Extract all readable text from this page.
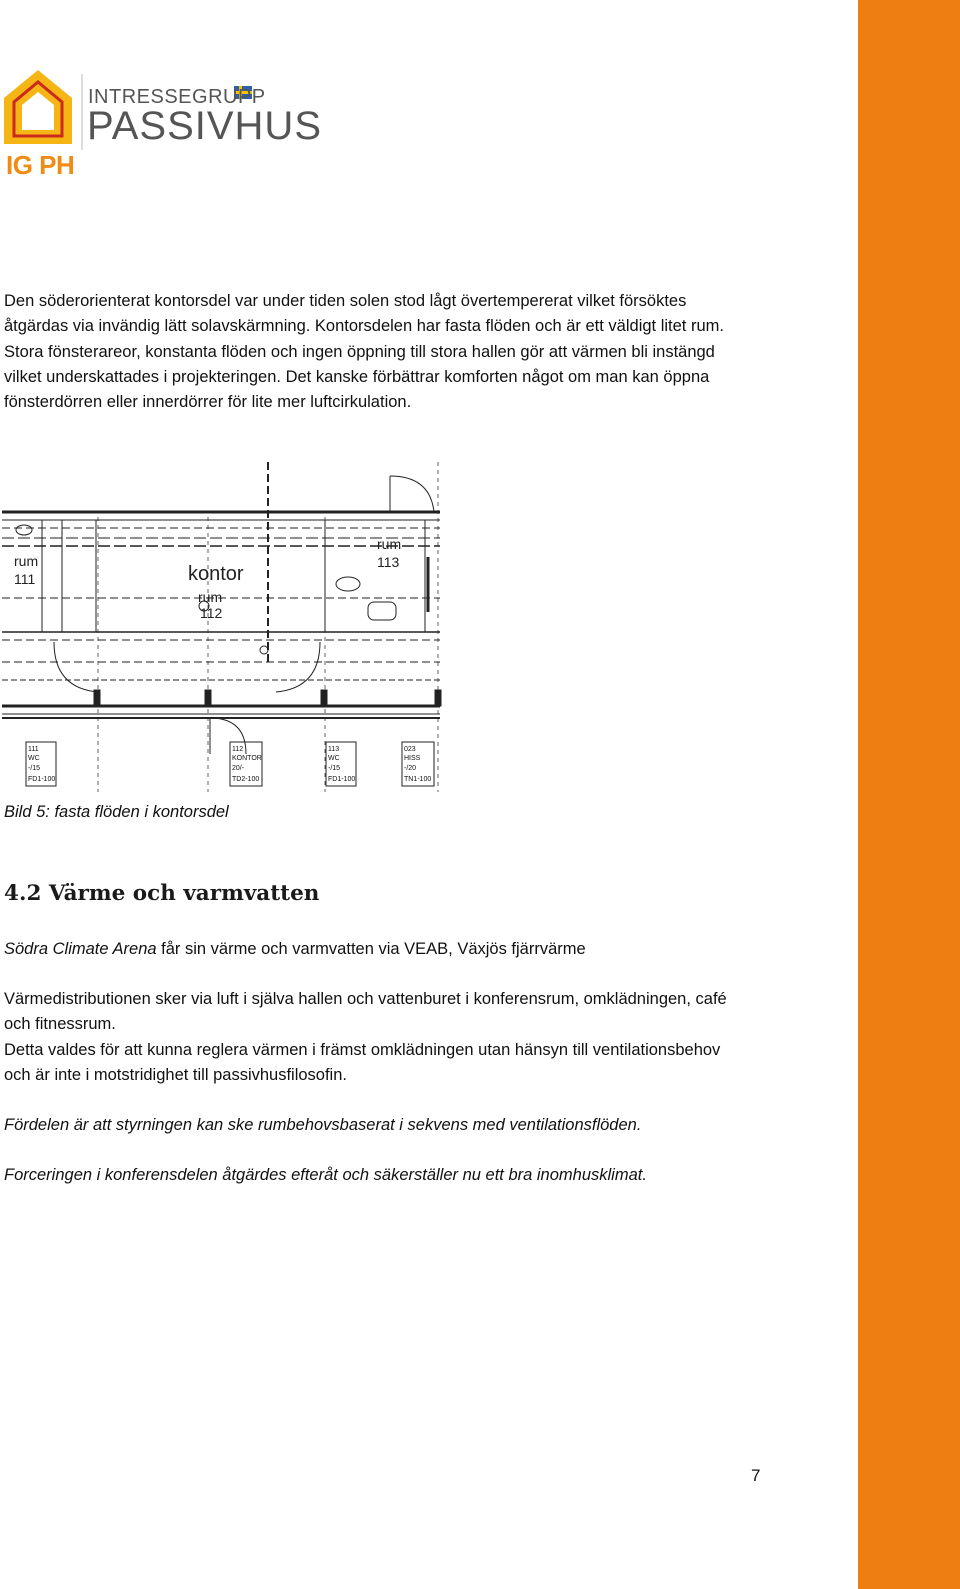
INTRESSEGRUPP
PASSIVHUS
IG PH
Den söderorienterat kontorsdel var under tiden solen stod lågt övertempererat vilket försöktes åtgärdas via invändig lätt solavskärmning. Kontorsdelen har fasta flöden och är ett väldigt litet rum. Stora fönsterareor, konstanta flöden och ingen öppning till stora hallen gör att värmen bli instängd vilket underskattades i projekteringen. Det kanske förbättrar komforten något om man kan öppna fönsterdörren eller innerdörrer för lite mer luftcirkulation.
rum
111	kontor
rum
112
rum
113
111
WC
-/15
FD1-100
112
KONTOR
20/-
TD2-100
113
WC
-/15
FD1-100
023
HISS
-/20
TN1-100
Bild 5: fasta flöden i kontorsdel
4.2 Värme och varmvatten
Södra Climate Arena får sin värme och varmvatten via VEAB, Växjös fjärrvärme
Värmedistributionen sker via luft i själva hallen och vattenburet i konferensrum, omklädningen, café och fitnessrum.
Detta valdes för att kunna reglera värmen i främst omklädningen utan hänsyn till ventilationsbehov och är inte i motstridighet till passivhusfilosofin.
Fördelen är att styrningen kan ske rumbehovsbaserat i sekvens med ventilationsflöden.
Forceringen i konferensdelen åtgärdes efteråt och säkerställer nu ett bra inomhusklimat.
7
